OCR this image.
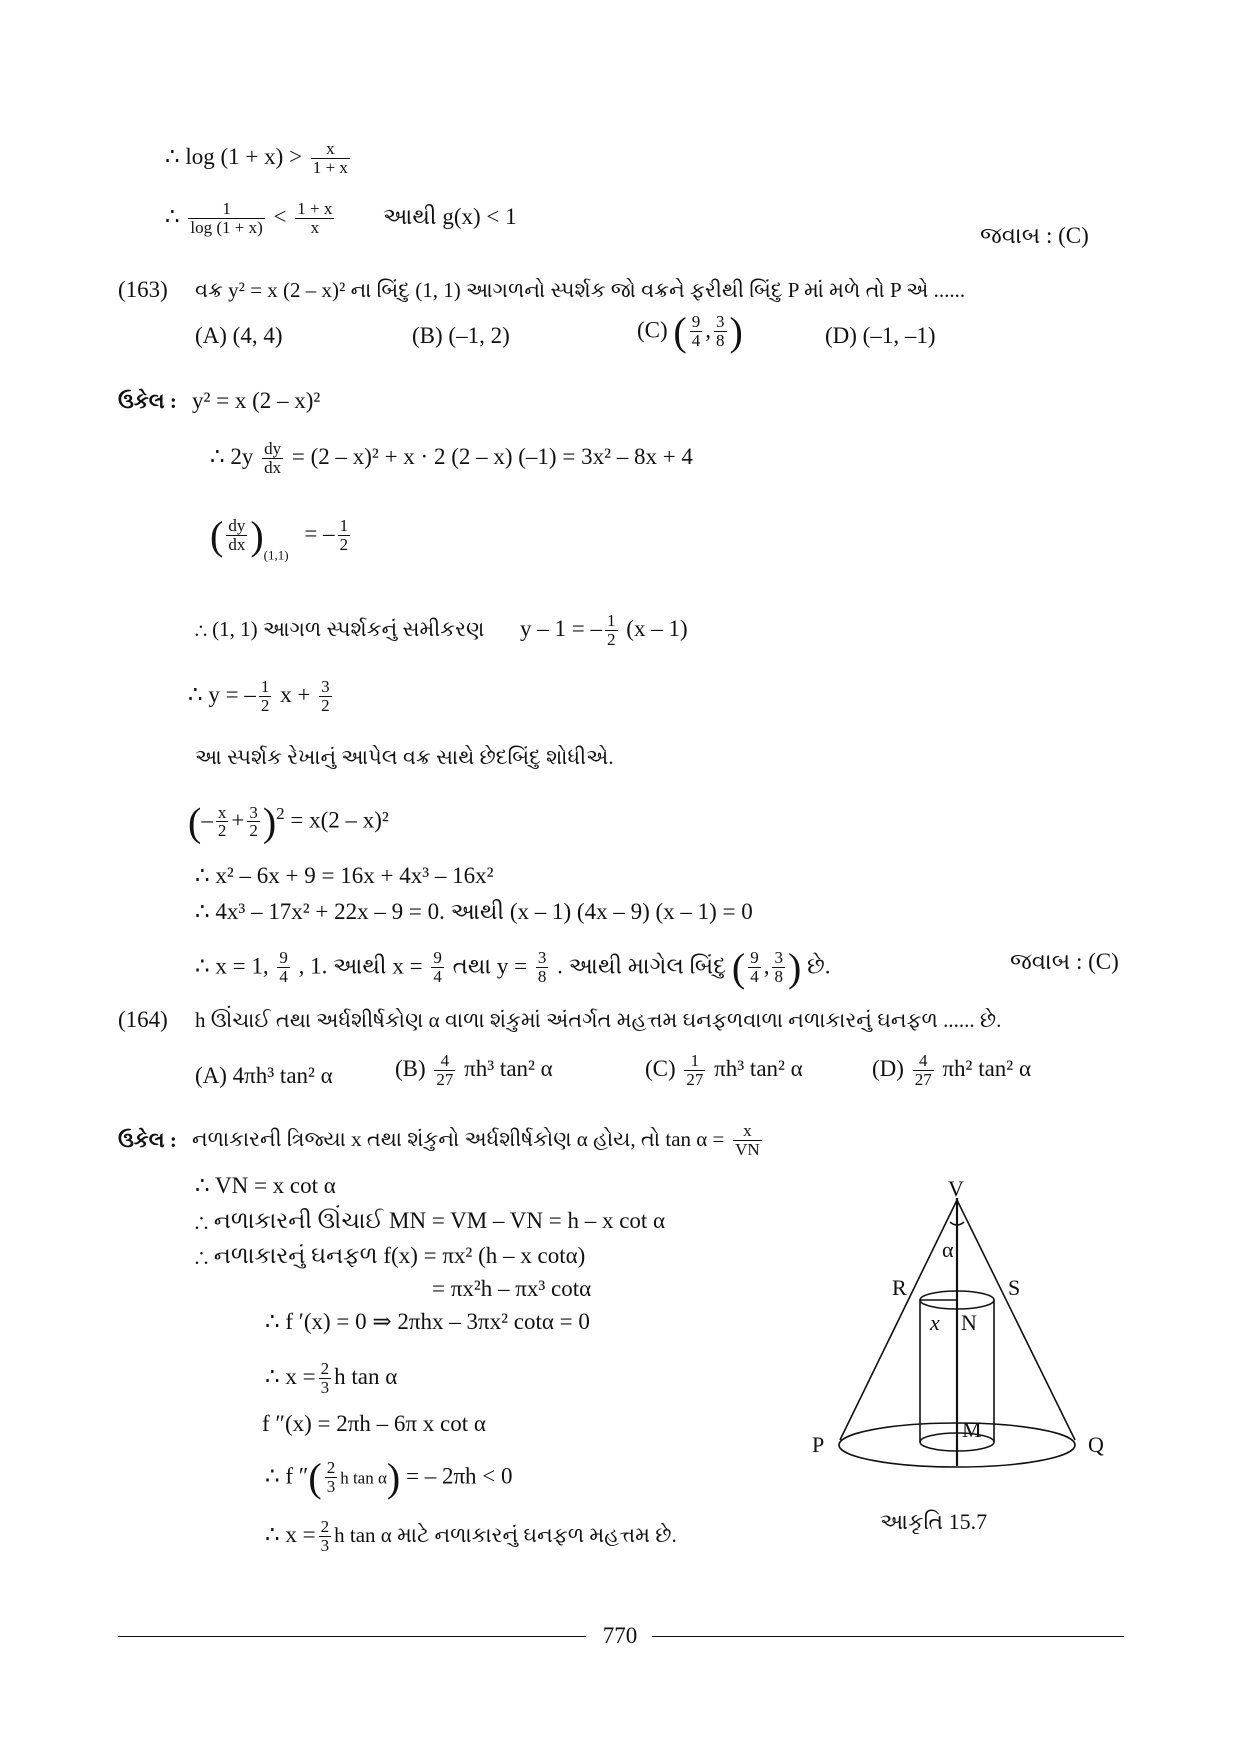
∴ $\log (1 + x) > \frac{x}{1 + x}$
∴ $\frac{1}{\log (1 + x)} < \frac{1 + x}{x}$ આથી g(x) < 1
જવાબ : (C)
(163) વક્ર y² = x (2 – x)² ના બિંદુ (1, 1) આગળનો સ્પર્શક જો વક્રને ફરીથી બિંદુ P માં મળે તો P એ ......
(A) (4, 4)	(B) (–1, 2)	(C) ( $\frac{9}{4}$ , $\frac{3}{8}$ )	(D) (–1, –1)
ઉકેલ : y² = x (2 – x)²
∴ $2y \frac{dy}{dx} = (2 - x)^2 + x \cdot 2$ (2 – x) (–1) = 3x² – 8x + 4
( $\frac{dy}{dx} )_{(1,1)}$ = – $\frac{1}{2}$
∴ (1, 1) આગળ સ્પર્શકનું સમીકરણ y – 1 = – $\frac{1}{2} (x - 1)$
∴ y = – $\frac{1}{2}$ $x + \frac{3}{2}$
આ સ્પર્શક રેખાનું આપેલ વક્ર સાથે છેદબિંદુ શોધીએ.
(– $\frac{x}{2} + \frac{3}{2} )^2 = x(2 - x)^2$
∴ x² – 6x + 9 = 16x + 4x³ – 16x²
∴ 4x³ – 17x² + 22x – 9 = 0. આથી (x – 1) (4x – 9) (x – 1) = 0
∴ x = 1, $\frac{9}{4}$ , 1. આથી $x = \frac{9}{4}$ તથા $y = \frac{3}{8}$ . આથી માગેલ બિંદુ ( $\frac{9}{4}$ , $\frac{3}{8}$ ) છે.	જવાબ : (C)
(164) h ઊંચાઈ તથા અર્ધશીર્ષકોણ α વાળા શંકુમાં અંતર્ગત મહત્તમ ઘનફળવાળા નળાકારનું ઘનફળ ...... છે.
(A) 4πh³ tan² α	$(B) \frac{4}{27} \pi h^3$ tan² α	$(C) \frac{1}{27} \pi h^3$ tan² α	$(D) \frac{4}{27} \pi h^2$ tan² α
ઉકેલ : નળાકારની ત્રિજ્યા x તથા શંકુનો અર્ધશીર્ષકોણ α હોય, તો $\tan \alpha = \frac{x}{VN}$
∴ VN = x cot α
∴ નળાકારની ઊંચાઈ MN = VM – VN = h – x cot α
∴ નળાકારનું ઘનફળ f(x) = πx² (h – x cotα)
= πx²h – πx³ cotα
∴ f ′(x) = 0 ⇒ 2πhx – 3πx² cotα = 0
∴ $x = \frac{2}{3}$ h tan α
f ″(x) = 2πh – 6π x cot α
∴ f ″( $\frac{2}{3}$ h tan α) = – 2πh < 0
∴ $x = \frac{2}{3}$ h tan α માટે નળાકારનું ઘનફળ મહત્તમ છે.
V
α
R	S
x N
P	Q
M
આકૃતિ 15.7
770
